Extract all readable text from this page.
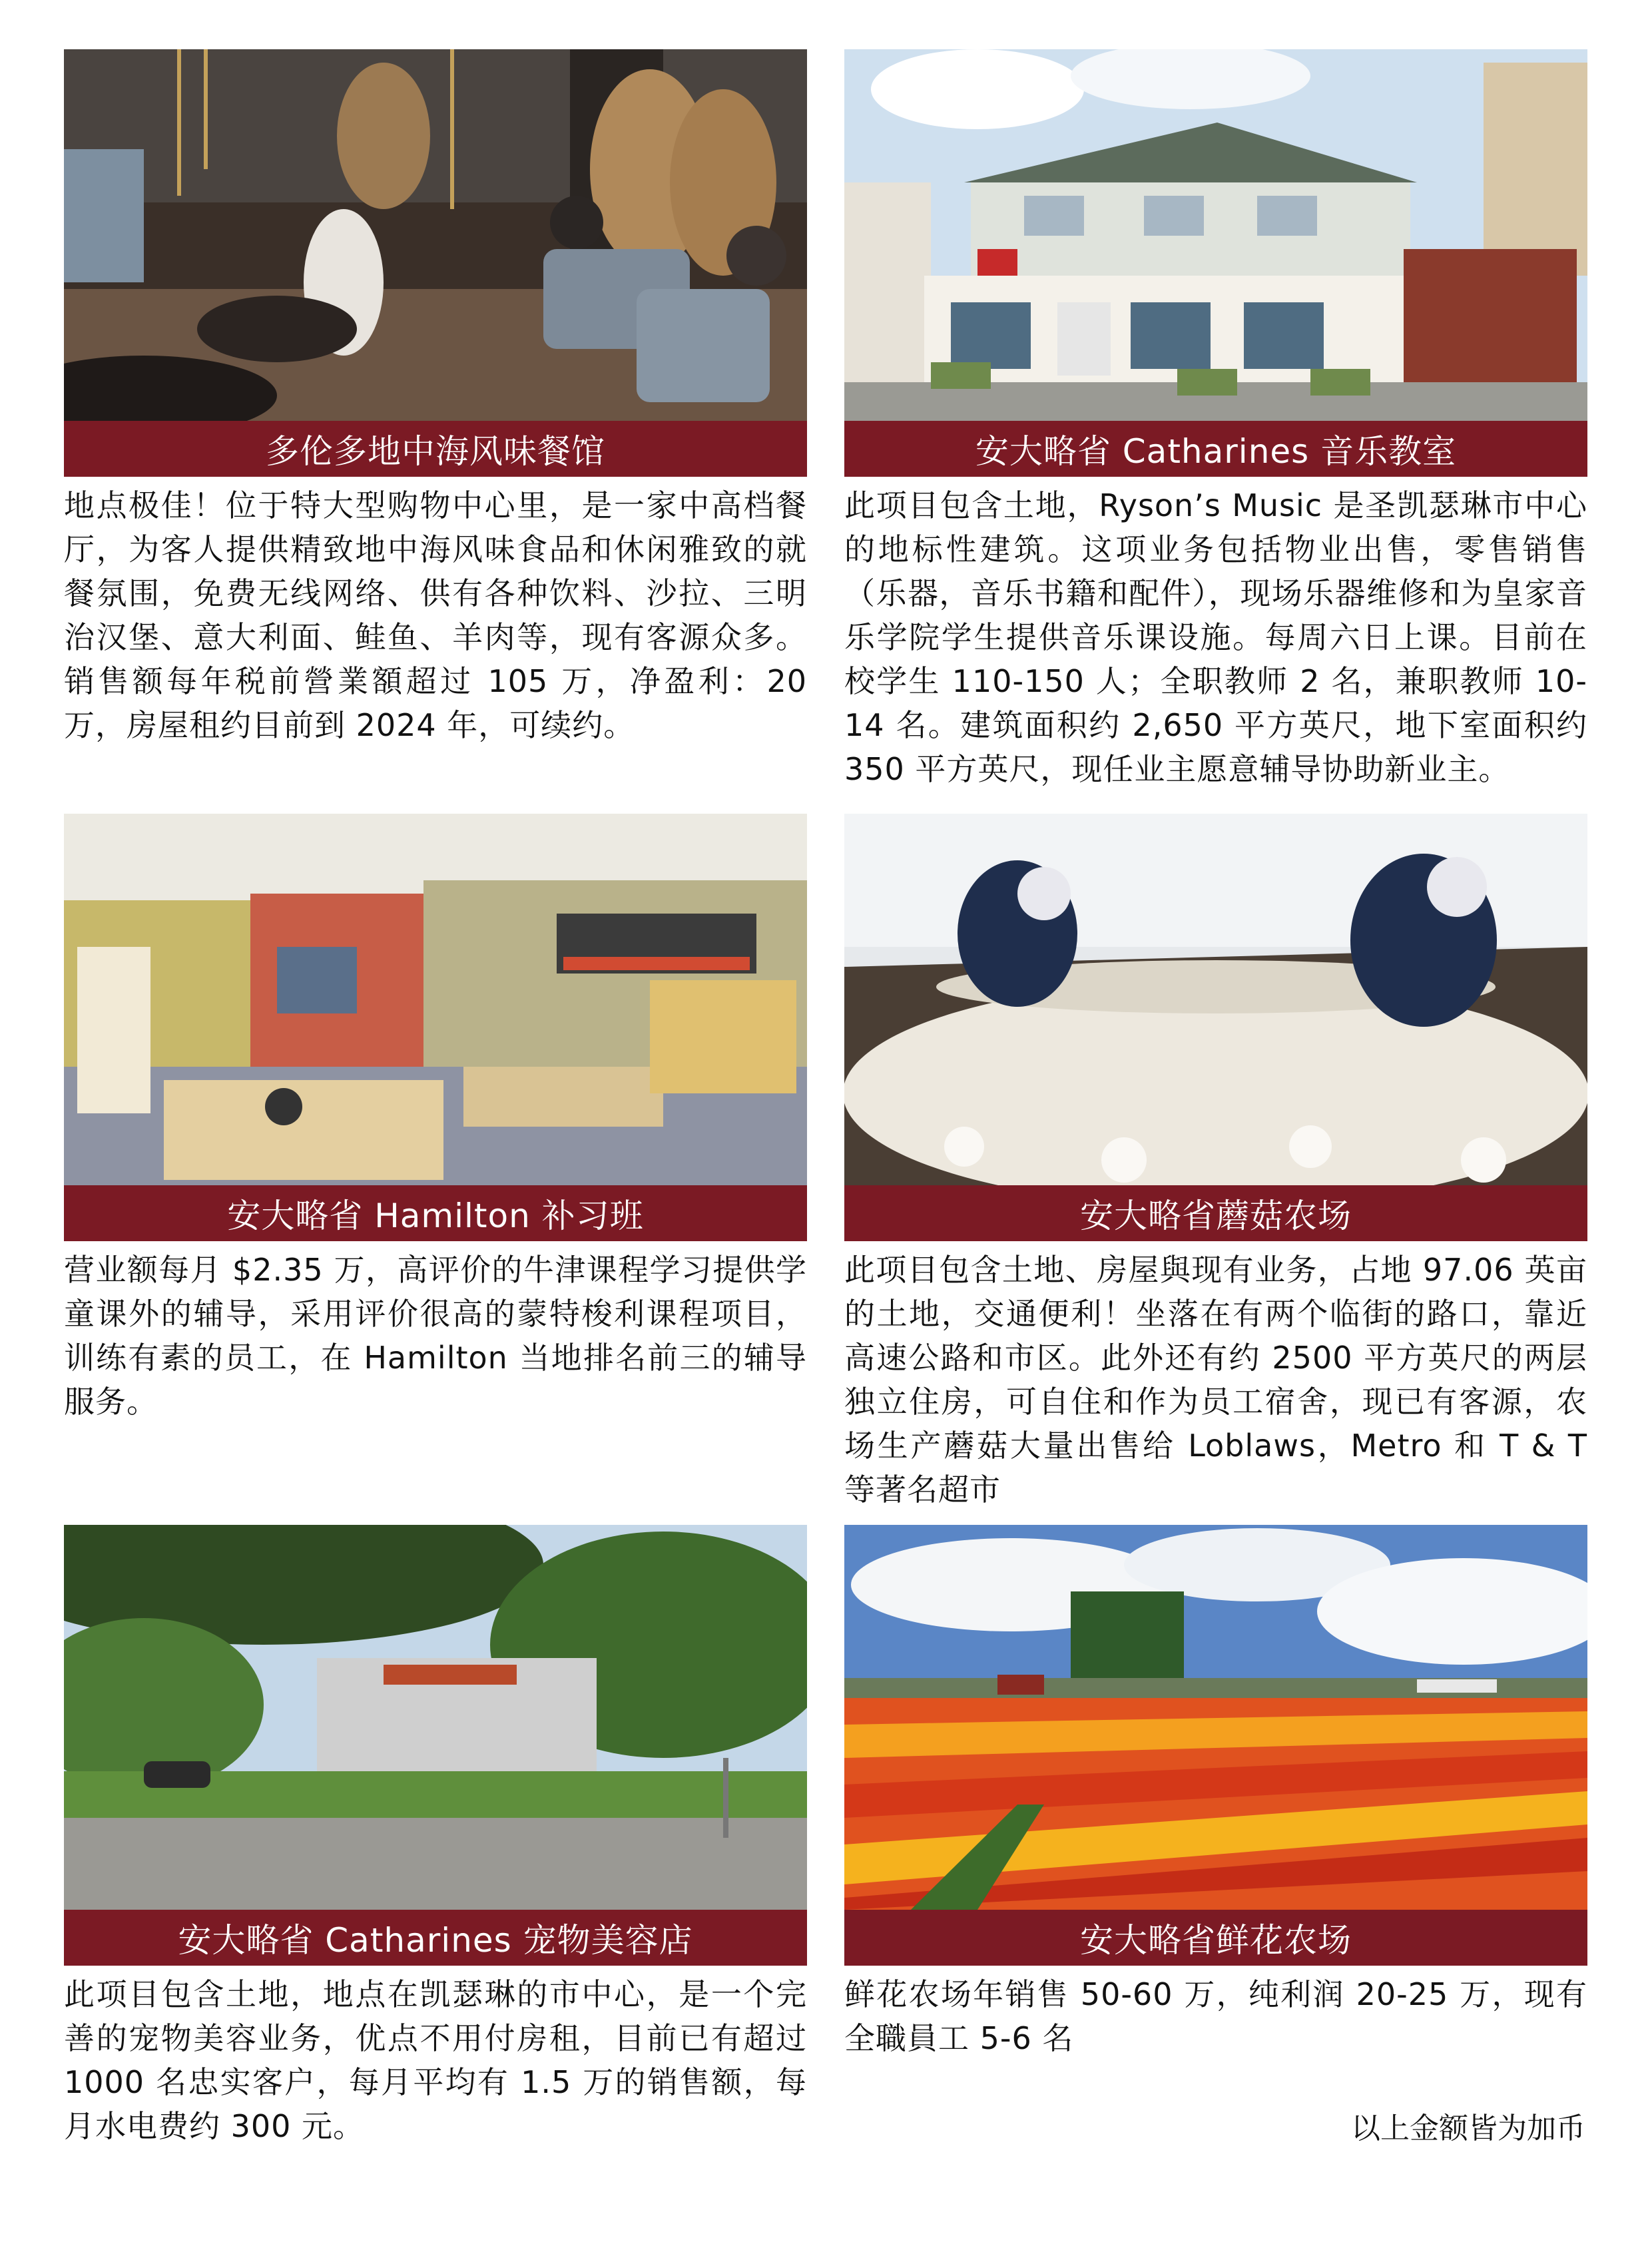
多伦多地中海风味餐馆
地点极佳！位于特大型购物中心里，是一家中高档餐厅，为客人提供精致地中海风味食品和休闲雅致的就餐氛围，免费无线网络、供有各种饮料、沙拉、三明治汉堡、意大利面、鲑鱼、羊肉等，现有客源众多。销售额每年税前營業額超过 105 万，净盈利：20 万，房屋租约目前到 2024 年，可续约。
安大略省 Catharines 音乐教室
此项目包含土地，Ryson’s Music 是圣凯瑟琳市中心的地标性建筑。这项业务包括物业出售，零售销售（乐器，音乐书籍和配件），现场乐器维修和为皇家音乐学院学生提供音乐课设施。每周六日上课。目前在校学生 110-150 人；全职教师 2 名，兼职教师 10-14 名。建筑面积约 2,650 平方英尺，地下室面积约 350 平方英尺，现任业主愿意辅导协助新业主。
安大略省 Hamilton 补习班
营业额每月 $2.35 万，高评价的牛津课程学习提供学童课外的辅导，采用评价很高的蒙特梭利课程项目，训练有素的员工，在 Hamilton 当地排名前三的辅导服务。
安大略省蘑菇农场
此项目包含土地、房屋與现有业务，占地 97.06 英亩的土地，交通便利！坐落在有两个临街的路口，靠近高速公路和市区。此外还有约 2500 平方英尺的两层独立住房，可自住和作为员工宿舍，现已有客源，农场生产蘑菇大量出售给 Loblaws，Metro 和 T & T 等著名超市
安大略省 Catharines 宠物美容店
此项目包含土地，地点在凯瑟琳的市中心，是一个完善的宠物美容业务，优点不用付房租，目前已有超过 1000 名忠实客户，每月平均有 1.5 万的销售额，每月水电费约 300 元。
安大略省鲜花农场
鲜花农场年销售 50-60 万，纯利润 20-25 万，现有全職員工 5-6 名
以上金额皆为加币
